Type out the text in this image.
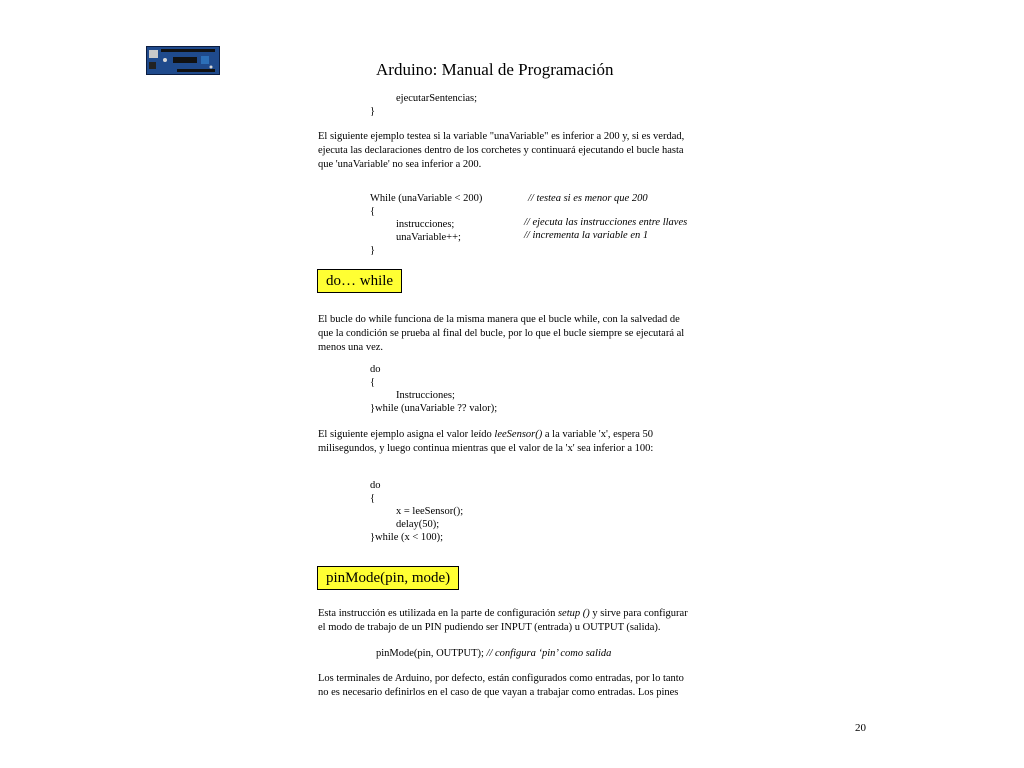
Arduino: Manual de Programación
ejecutarSentencias;
}
El siguiente ejemplo testea si la variable "unaVariable" es inferior a 200 y, si es verdad,
ejecuta las declaraciones dentro de los corchetes y continuará ejecutando el bucle hasta
que 'unaVariable' no sea inferior a 200.
While (unaVariable < 200)	// testea si es menor que 200
{
instrucciones;	// ejecuta las instrucciones entre llaves
unaVariable++;	// incrementa la variable en 1
}
do… while
El bucle do while funciona de la misma manera que el bucle while, con la salvedad de
que la condición se prueba al final del bucle, por lo que el bucle siempre se ejecutará al
menos una vez.
do
{
Instrucciones;
}while (unaVariable ?? valor);
El siguiente ejemplo asigna el valor leído leeSensor() a la variable 'x', espera 50
milisegundos, y luego continua mientras que el valor de la 'x' sea inferior a 100:
do
{
x = leeSensor();
delay(50);
}while (x < 100);
pinMode(pin, mode)
Esta instrucción es utilizada en la parte de configuración setup () y sirve para configurar
el modo de trabajo de un PIN pudiendo ser INPUT (entrada) u OUTPUT (salida).
pinMode(pin, OUTPUT); // configura ‘pin’ como salida
Los terminales de Arduino, por defecto, están configurados como entradas, por lo tanto
no es necesario definirlos en el caso de que vayan a trabajar como entradas. Los pines
20
